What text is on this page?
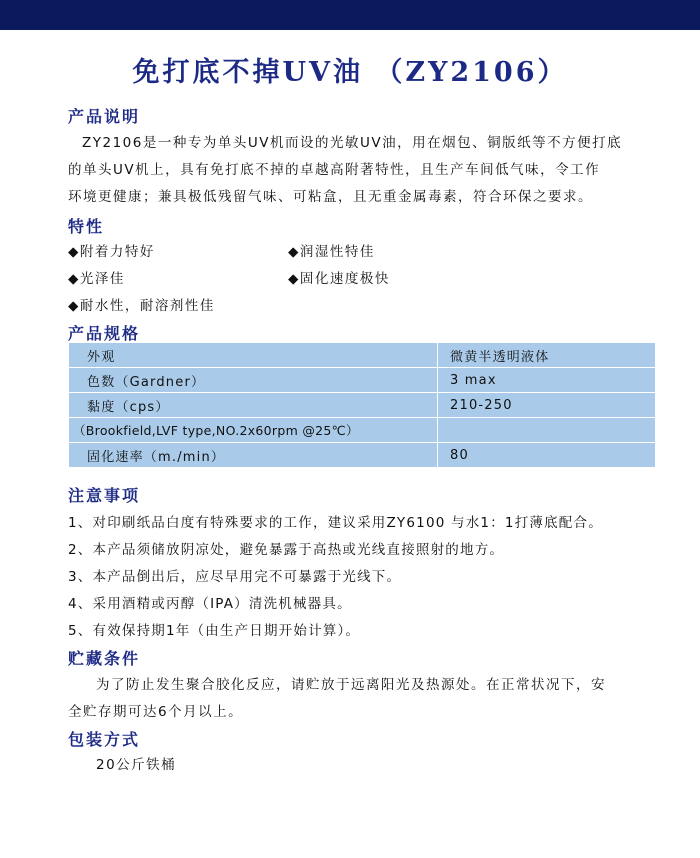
免打底不掉UV油 （ZY2106）
产品说明
ZY2106是一种专为单头UV机而设的光敏UV油，用在烟包、铜版纸等不方便打底
的单头UV机上，具有免打底不掉的卓越高附著特性，且生产车间低气味，令工作
环境更健康；兼具极低残留气味、可粘盒，且无重金属毒素，符合环保之要求。
特性
◆附着力特好	◆润湿性特佳
◆光泽佳	◆固化速度极快
◆耐水性，耐溶剂性佳
产品规格
外观	微黄半透明液体
色数（Gardner）	3 max
黏度（cps）	210-250
（Brookfield,LVF type,NO.2x60rpm @25℃）	
固化速率（m./min）	80
注意事项
1、对印刷纸品白度有特殊要求的工作，建议采用ZY6100 与水1：1打薄底配合。
2、本产品须储放阴凉处，避免暴露于高热或光线直接照射的地方。
3、本产品倒出后，应尽早用完不可暴露于光线下。
4、采用酒精或丙醇（IPA）清洗机械器具。
5、有效保持期1年（由生产日期开始计算）。
贮藏条件
为了防止发生聚合胶化反应，请贮放于远离阳光及热源处。在正常状况下，安
全贮存期可达6个月以上。
包装方式
20公斤铁桶
